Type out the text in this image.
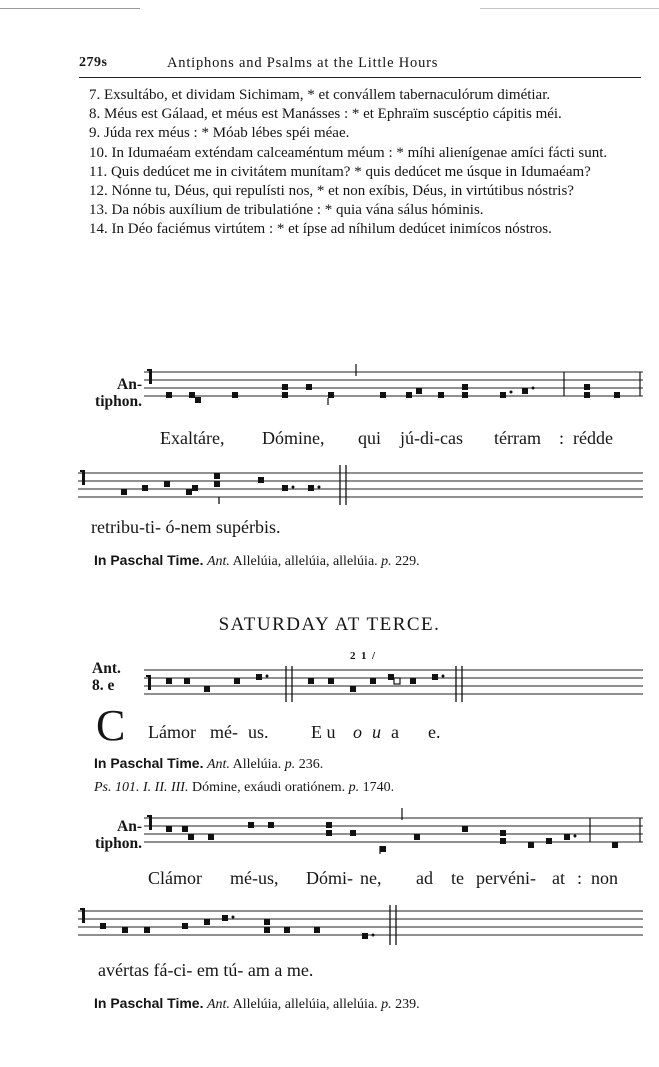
279s	Antiphons and Psalms at the Little Hours

7. Exsultábo, et dividam Sichimam, * et convállem tabernaculórum dimétiar.

8. Méus est Gálaad, et méus est Manásses : * et Ephraïm suscéptio cápitis méi.

9. Júda rex méus : * Móab lébes spéi méae.

10. In Idumaéam exténdam calceaméntum méum : * míhi alienígenae amíci fácti sunt.

11. Quis dedúcet me in civitátem munítam? * quis dedúcet me úsque in Idumaéam?

12. Nónne tu, Déus, qui repulísti nos, * et non exíbis, Déus, in virtútibus nóstris?

13. Da nóbis auxílium de tribulatióne : * quia vána sálus hóminis.

14. In Déo faciémus virtútem : * et ípse ad níhilum dedúcet inimícos nóstros.

An-
tiphon.
Exaltáre, Dómine, qui jú-di-cas térram : rédde
retribu-ti- ó-nem supérbis.
In Paschal Time. Ant. Allelúia, allelúia, allelúia. p. 229.
SATURDAY AT TERCE.
2  1  /
Ant.
8. e
C Lámor mé- us. E u o u a e.
In Paschal Time. Ant. Allelúia. p. 236.
Ps. 101. I. II. III. Dómine, exáudi oratiónem. p. 1740.
An-
tiphon.
Clámor mé-us, Dómi- ne, ad te pervéni- at : non
avértas fá-ci- em tú- am a me.
In Paschal Time. Ant. Allelúia, allelúia, allelúia. p. 239.
